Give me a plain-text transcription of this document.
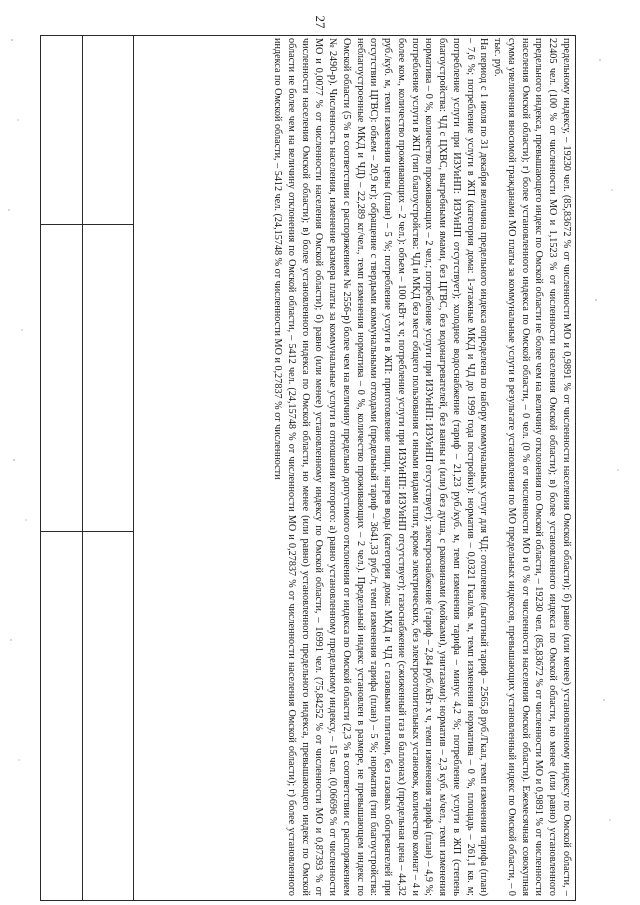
27

предельному индексу, – 19230 чел. (85,83672 % от численности МО и 0,9891 % от численности населения Омской области); б) равно (или менее) установленному индексу по Омской области, – 22405 чел. (100 % от численности МО и 1,1523 % от численности населения Омской области); в) более установленного индекса по Омской области, но менее (или равно) установленного предельного индекса, превышающего индекс по Омской области не более чем на величину отклонения по Омской области, – 19230 чел. (85,83672 % от численности МО и 0,9891 % от численности населения Омской области); г) более установленного индекса по Омской области, – 0 чел. (0 % от численности МО и 0 % от численности населения Омской области). Ежемесячная совокупная сумма увеличения вносимой гражданами МО платы за коммунальные услуги в результате установления по МО предельных индексов, превышающих установленный индекс по Омской области, – 0 тыс. руб.

На период с 1 июля по 31 декабря величина предельного индекса определена по набору коммунальных услуг для ЧД: отопление (льготный тариф – 2565,8 руб./Гкал, темп изменения тарифа (план) – 7,6 %; потребление услуги в ЖП (категория дома: 1-этажные МКД и ЧД до 1999 года постройки): норматив – 0,0321 Гкал/кв. м, темп изменения норматива – 0 %, площадь – 261,1 кв. м; потребление услуги при ИЗУиНП: ИЗУиНП отсутствует); холодное водоснабжение (тариф – 21,23 руб./куб. м, темп изменения тарифа – минус 4,2 %; потребление услуги в ЖП (степень благоустройства: ЧД с ЦХВС, выгребными ямами, без ЦГВС, без водонагревателей, без ванны и (или) без душа, с раковинами (мойками), унитазами): норматив – 2,3 куб. м/чел., темп изменения норматива – 0 %, количество проживающих – 2 чел.; потребление услуги при ИЗУиНП: ИЗУиНП отсутствует); электроснабжение (тариф – 2,84 руб./кВт х ч, темп изменения тарифа (план) – 4,9 %; потребление услуги в ЖП (тип благоустройства: ЧД и МКД без мест общего пользования с иными видами плит, кроме электрических, без электроотопительных установок, количество комнат – 4 и более ком., количество проживающих – 2 чел.): объем – 100 кВт х ч; потребление услуги при ИЗУиНП: ИЗУиНП отсутствует); газоснабжение (сжиженный газ в баллонах) (предельная цена – 44,32 руб./куб. м, темп изменения цены (план) – 5 %; потребление услуги в ЖП: приготовление пищи, нагрев воды (категория дома: МКД и ЧД с газовыми плитами, без газовых обогревателей при отсутствии ЦГВС): объем – 20,9 кг); обращение с твердыми коммунальными отходами (предельный тариф – 3641,33 руб./т, темп изменения тарифа (план) – 5 %; норматив (тип благоустройства: неблагоустроенные МКД и ЧД) – 22,289 кг/чел., темп изменения норматива – 0 %, количество проживающих – 2 чел.). Предельный индекс установлен в размере, не превышающем индекс по Омской области (5 % в соответствии с распоряжением № 2556-р) более чем на величину предельно допустимого отклонения от индекса по Омской области (2,3 % в соответствии с распоряжением № 2490-р). Численность населения, изменение размера платы за коммунальные услуги в отношении которого: а) равно установленному предельному индексу, – 15 чел. (0,06696 % от численности МО и 0,0077 % от численности населения Омской области); б) равно (или менее) установленному индексу по Омской области, – 16991 чел. (75,84252 % от численности МО и 0,87393 % от численности населения Омской области); в) более установленного индекса по Омской области, но менее (или равно) установленного предельного индекса, превышающего индекс по Омской области не более чем на величину отклонения по Омской области, – 5412 чел. (24,15748 % от численности МО и 0,27837 % от численности населения Омской области); г) более установленного индекса по Омской области, – 5412 чел. (24,15748 % от численности МО и 0,27837 % от численности
